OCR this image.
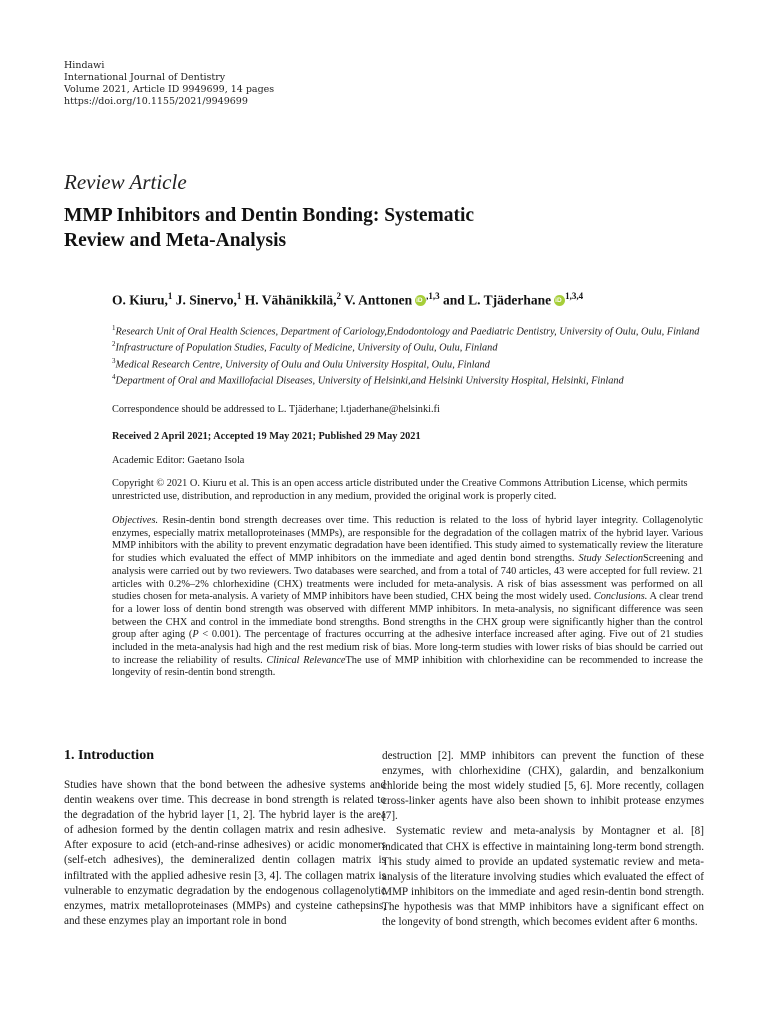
Hindawi
International Journal of Dentistry
Volume 2021, Article ID 9949699, 14 pages
https://doi.org/10.1155/2021/9949699
Review Article
MMP Inhibitors and Dentin Bonding: Systematic
Review and Meta-Analysis
O. Kiuru,$^1$ J. Sinervo,$^1$ H. Vähänikkilä,$^2$ V. Anttonen iD $^{,1,3}$ and L. Tjäderhane iD $^{1,3,4}$
$^1$Research Unit of Oral Health Sciences, Department of Cariology,Endodontology and Paediatric Dentistry, University of Oulu, Oulu, Finland
$^2$Infrastructure of Population Studies, Faculty of Medicine, University of Oulu, Oulu, Finland
$^3$Medical Research Centre, University of Oulu and Oulu University Hospital, Oulu, Finland
$^4$Department of Oral and Maxillofacial Diseases, University of Helsinki,and Helsinki University Hospital, Helsinki, Finland
Correspondence should be addressed to L. Tjäderhane; l.tjaderhane@helsinki.fi
Received 2 April 2021; Accepted 19 May 2021; Published 29 May 2021
Academic Editor: Gaetano Isola
Copyright © 2021 O. Kiuru et al. This is an open access article distributed under the Creative Commons Attribution License, which permits unrestricted use, distribution, and reproduction in any medium, provided the original work is properly cited.
Objectives. Resin-dentin bond strength decreases over time. This reduction is related to the loss of hybrid layer integrity. Collagenolytic enzymes, especially matrix metalloproteinases (MMPs), are responsible for the degradation of the collagen matrix of the hybrid layer. Various MMP inhibitors with the ability to prevent enzymatic degradation have been identified. This study aimed to systematically review the literature for studies which evaluated the effect of MMP inhibitors on the immediate and aged dentin bond strengths. Study SelectionScreening and analysis were carried out by two reviewers. Two databases were searched, and from a total of 740 articles, 43 were accepted for full review. 21 articles with 0.2%–2% chlorhexidine (CHX) treatments were included for meta-analysis. A risk of bias assessment was performed on all studies chosen for meta-analysis. A variety of MMP inhibitors have been studied, CHX being the most widely used. Conclusions. A clear trend for a lower loss of dentin bond strength was observed with different MMP inhibitors. In meta-analysis, no significant difference was seen between the CHX and control in the immediate bond strengths. Bond strengths in the CHX group were significantly higher than the control group after aging (P < 0.001). The percentage of fractures occurring at the adhesive interface increased after aging. Five out of 21 studies included in the meta-analysis had high and the rest medium risk of bias. More long-term studies with lower risks of bias should be carried out to increase the reliability of results. Clinical RelevanceThe use of MMP inhibition with chlorhexidine can be recommended to increase the longevity of resin-dentin bond strength.
1. Introduction

Studies have shown that the bond between the adhesive systems and dentin weakens over time. This decrease in bond strength is related to the degradation of the hybrid layer [1, 2]. The hybrid layer is the area of adhesion formed by the dentin collagen matrix and resin adhesive. After exposure to acid (etch-and-rinse adhesives) or acidic monomers (self-etch adhesives), the demineralized dentin collagen matrix is infiltrated with the applied adhesive resin [3, 4]. The collagen matrix is vulnerable to enzymatic degradation by the endogenous collagenolytic enzymes, matrix metalloproteinases (MMPs) and cysteine cathepsins, and these enzymes play an important role in bond

destruction [2]. MMP inhibitors can prevent the function of these enzymes, with chlorhexidine (CHX), galardin, and benzalkonium chloride being the most widely studied [5, 6]. More recently, collagen cross-linker agents have also been shown to inhibit protease enzymes [7].

Systematic review and meta-analysis by Montagner et al. [8] indicated that CHX is effective in maintaining long-term bond strength. This study aimed to provide an updated systematic review and meta-analysis of the literature involving studies which evaluated the effect of MMP inhibitors on the immediate and aged resin-dentin bond strength. The hypothesis was that MMP inhibitors have a significant effect on the longevity of bond strength, which becomes evident after 6 months.
